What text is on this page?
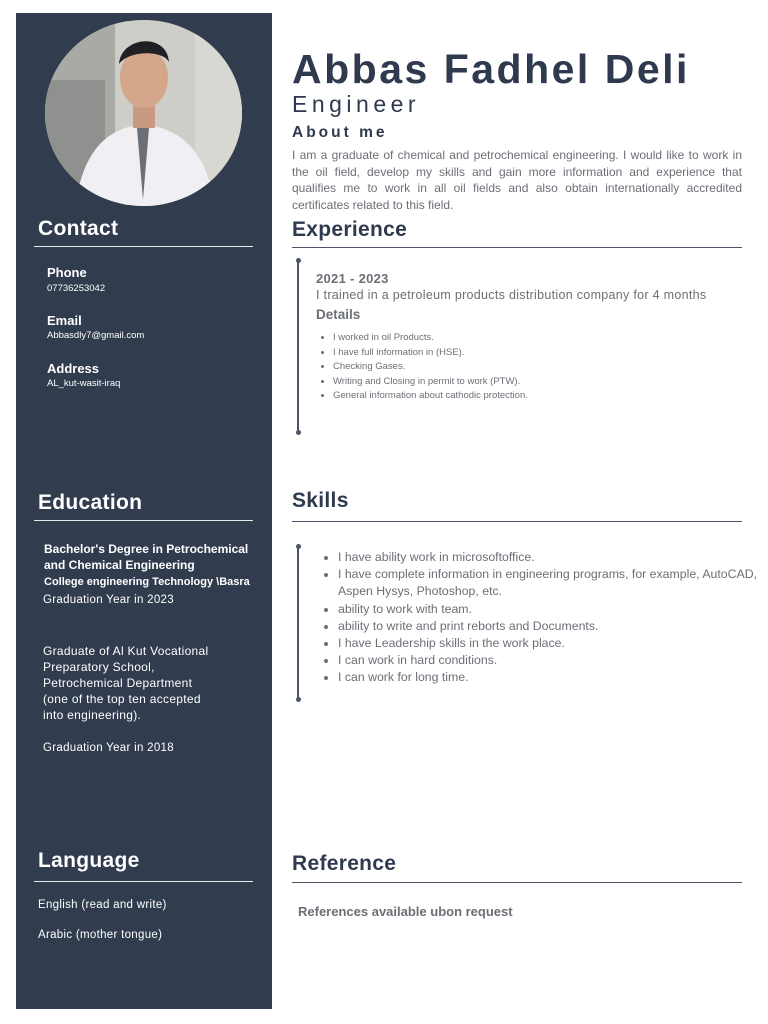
Contact
Phone
07736253042
Email
Abbasdly7@gmail.com
Address
AL_kut-wasit-iraq
Education
Bachelor's Degree in Petrochemical and Chemical Engineering
College engineering Technology \Basra
Graduation Year in 2023
Graduate of Al Kut Vocational Preparatory School, Petrochemical Department (one of the top ten accepted into engineering).
Graduation Year in 2018
Language
English (read and write)
Arabic (mother tongue)
Abbas Fadhel Deli
Engineer
About me
I am a graduate of chemical and petrochemical engineering. I would like to work in the oil field, develop my skills and gain more information and experience that qualifies me to work in all oil fields and also obtain internationally accredited certificates related to this field.
Experience
2021 - 2023
I trained in a petroleum products distribution company for 4 months
Details
• I worked in oil Products.
• I have full information in (HSE).
• Checking Gases.
• Writing and Closing in permit to work (PTW).
• General information about cathodic protection.
Skills
• I have ability work in microsoftoffice.
• I have complete information in engineering programs, for example, AutoCAD, Aspen Hysys, Photoshop, etc.
• ability to work with team.
• ability to write and print reborts and Documents.
• I have Leadership skills in the work place.
• I can work in hard conditions.
• I can work for long time.
Reference
References available ubon request
